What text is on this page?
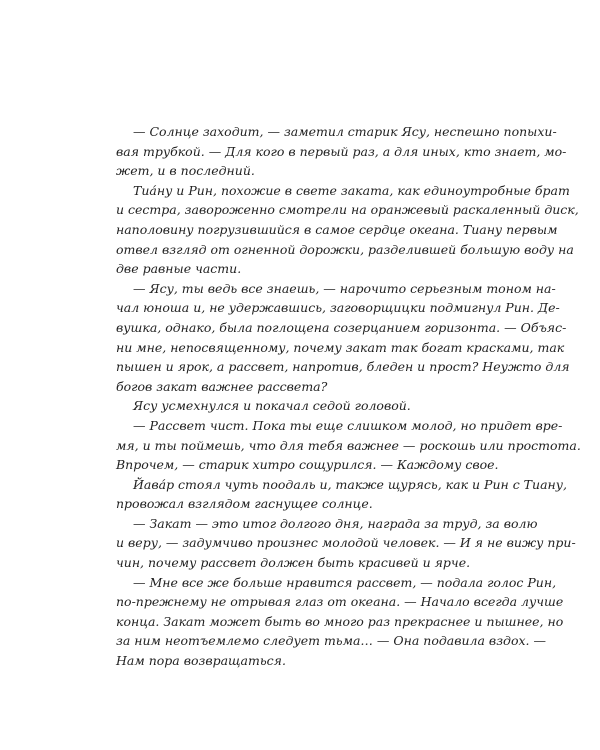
— Солнце заходит, — заметил старик Ясу, неспешно попыхи-
вая трубкой. — Для кого в первый раз, а для иных, кто знает, мо-
жет, и в последний.
Тиа́ну и Рин, похожие в свете заката, как единоутробные брат
и сестра, завороженно смотрели на оранжевый раскаленный диск,
наполовину погрузившийся в самое сердце океана. Тиану первым
отвел взгляд от огненной дорожки, разделившей большую воду на
две равные части.
— Ясу, ты ведь все знаешь, — нарочито серьезным тоном на-
чал юноша и, не удержавшись, заговорщицки подмигнул Рин. Де-
вушка, однако, была поглощена созерцанием горизонта. — Объяс-
ни мне, непосвященному, почему закат так богат красками, так
пышен и ярок, а рассвет, напротив, бледен и прост? Неужто для
богов закат важнее рассвета?
Ясу усмехнулся и покачал седой головой.
— Рассвет чист. Пока ты еще слишком молод, но придет вре-
мя, и ты поймешь, что для тебя важнее — роскошь или простота.
Впрочем, — старик хитро сощурился. — Каждому свое.
Йава́р стоял чуть поодаль и, также щурясь, как и Рин с Тиану,
провожал взглядом гаснущее солнце.
— Закат — это итог долгого дня, награда за труд, за волю
и веру, — задумчиво произнес молодой человек. — И я не вижу при-
чин, почему рассвет должен быть красивей и ярче.
— Мне все же больше нравится рассвет, — подала голос Рин,
по-прежнему не отрывая глаз от океана. — Начало всегда лучше
конца. Закат может быть во много раз прекраснее и пышнее, но
за ним неотъемлемо следует тьма… — Она подавила вздох. —
Нам пора возвращаться.
